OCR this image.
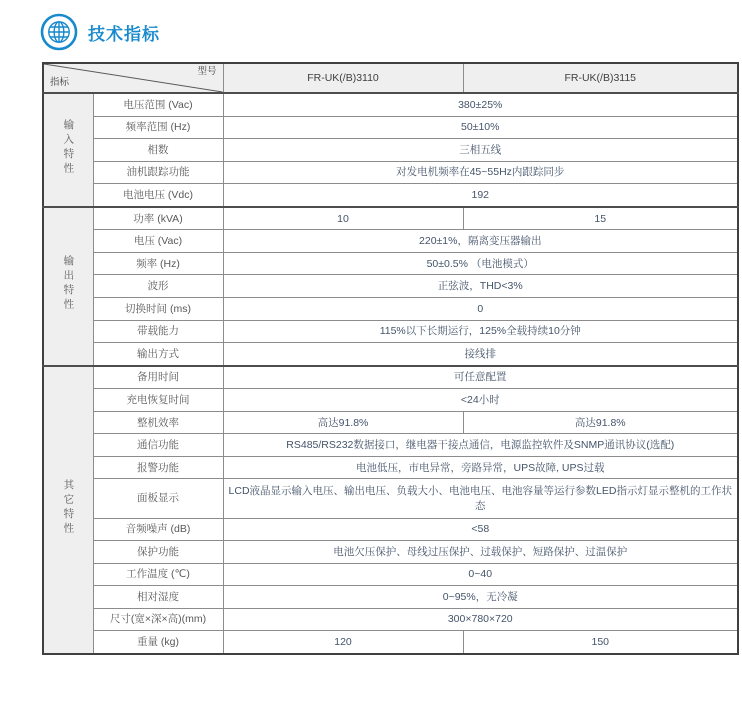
技术指标
型号
指标		FR-UK(/B)3110	FR-UK(/B)3115
输入特性	电压范围 (Vac)	380±25%	
	频率范围 (Hz)	50±10%	
	相数	三相五线	
	油机跟踪功能	对发电机频率在45~55Hz内跟踪同步	
	电池电压 (Vdc)	192	
输出特性	功率 (kVA)	10	15
	电压 (Vac)	220±1%，隔离变压器输出	
	频率 (Hz)	50±0.5% （电池模式）	
	波形	正弦波，THD<3%	
	切换时间 (ms)	0	
	带载能力	115%以下长期运行，125%全载持续10分钟	
	输出方式	接线排	
其它特性	备用时间	可任意配置	
	充电恢复时间	<24小时	
	整机效率	高达91.8%	高达91.8%
	通信功能	RS485/RS232数据接口，继电器干接点通信，电源监控软件及SNMP通讯协议(选配)	
	报警功能	电池低压，市电异常，旁路异常，UPS故障, UPS过载	
	面板显示	LCD液晶显示输入电压、输出电压、负载大小、电池电压、电池容量等运行参数LED指示灯显示整机的工作状态	
	音频噪声 (dB)	<58	
	保护功能	电池欠压保护、母线过压保护、过载保护、短路保护、过温保护	
	工作温度 (℃)	0~40	
	相对湿度	0~95%，无冷凝	
	尺寸(宽×深×高)(mm)	300×780×720	
	重量 (kg)	120	150
